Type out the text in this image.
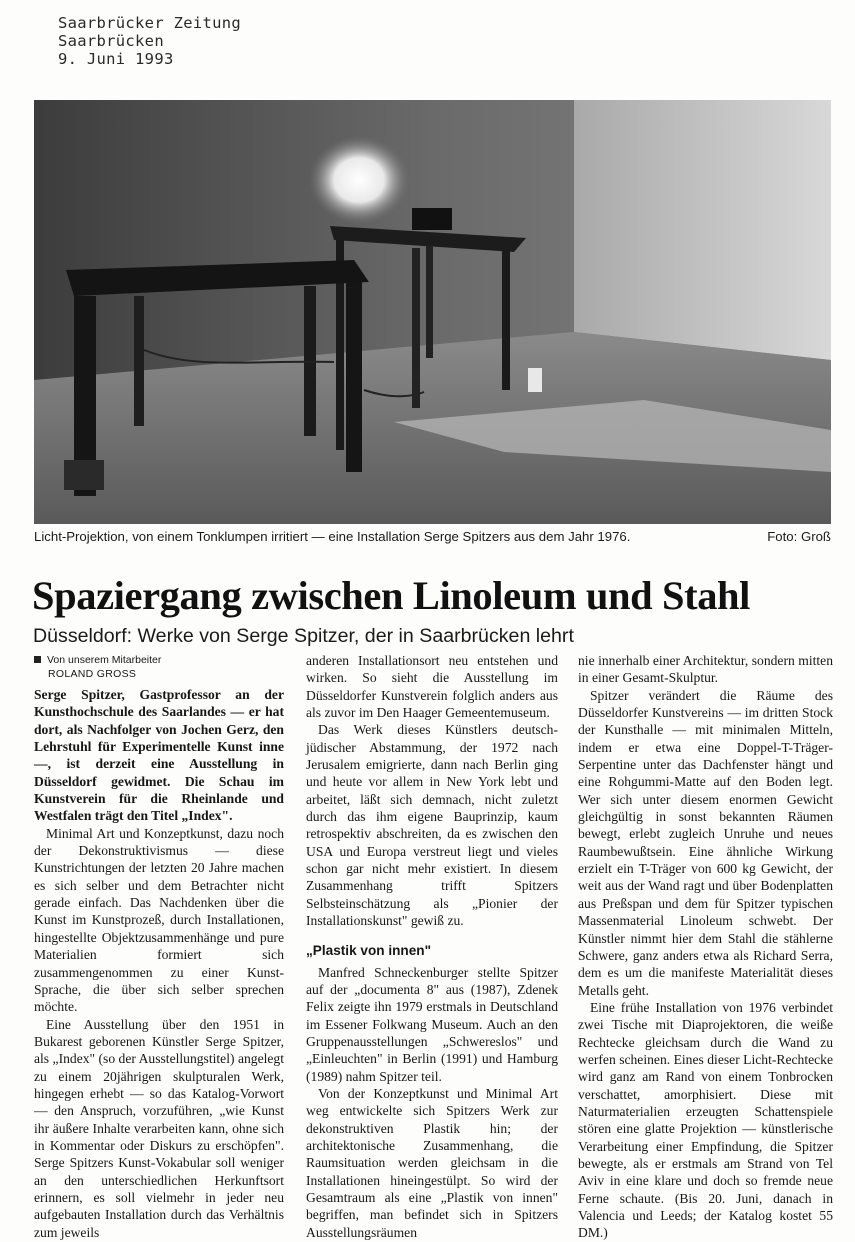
Saarbrücker Zeitung
Saarbrücken
9. Juni 1993
Licht-Projektion, von einem Tonklumpen irritiert — eine Installation Serge Spitzers aus dem Jahr 1976.	Foto: Groß
Spaziergang zwischen Linoleum und Stahl
Düsseldorf: Werke von Serge Spitzer, der in Saarbrücken lehrt
Von unserem Mitarbeiter
ROLAND GROSS

Serge Spitzer, Gastprofessor an der Kunsthochschule des Saarlandes — er hat dort, als Nachfolger von Jochen Gerz, den Lehrstuhl für Experimentelle Kunst inne —, ist derzeit eine Ausstellung in Düsseldorf gewidmet. Die Schau im Kunstverein für die Rheinlande und Westfalen trägt den Titel „Index".

Minimal Art und Konzeptkunst, dazu noch der Dekonstruktivismus — diese Kunstrichtungen der letzten 20 Jahre machen es sich selber und dem Betrachter nicht gerade einfach. Das Nachdenken über die Kunst im Kunstprozeß, durch Installationen, hingestellte Objektzusammenhänge und pure Materialien formiert sich zusammengenommen zu einer Kunst-Sprache, die über sich selber sprechen möchte.

Eine Ausstellung über den 1951 in Bukarest geborenen Künstler Serge Spitzer, als „Index" (so der Ausstellungstitel) angelegt zu einem 20jährigen skulpturalen Werk, hingegen erhebt — so das Katalog-Vorwort — den Anspruch, vorzuführen, „wie Kunst ihr äußere Inhalte verarbeiten kann, ohne sich in Kommentar oder Diskurs zu erschöpfen". Serge Spitzers Kunst-Vokabular soll weniger an den unterschiedlichen Herkunftsort erinnern, es soll vielmehr in jeder neu aufgebauten Installation durch das Verhältnis zum jeweils

anderen Installationsort neu entstehen und wirken. So sieht die Ausstellung im Düsseldorfer Kunstverein folglich anders aus als zuvor im Den Haager Gemeentemuseum.

Das Werk dieses Künstlers deutsch-jüdischer Abstammung, der 1972 nach Jerusalem emigrierte, dann nach Berlin ging und heute vor allem in New York lebt und arbeitet, läßt sich demnach, nicht zuletzt durch das ihm eigene Bauprinzip, kaum retrospektiv abschreiten, da es zwischen den USA und Europa verstreut liegt und vieles schon gar nicht mehr existiert. In diesem Zusammenhang trifft Spitzers Selbsteinschätzung als „Pionier der Installationskunst" gewiß zu.

„Plastik von innen"

Manfred Schneckenburger stellte Spitzer auf der „documenta 8" aus (1987), Zdenek Felix zeigte ihn 1979 erstmals in Deutschland im Essener Folkwang Museum. Auch an den Gruppenausstellungen „Schwereslos" und „Einleuchten" in Berlin (1991) und Hamburg (1989) nahm Spitzer teil.

Von der Konzeptkunst und Minimal Art weg entwickelte sich Spitzers Werk zur dekonstruktiven Plastik hin; der architektonische Zusammenhang, die Raumsituation werden gleichsam in die Installationen hineingestülpt. So wird der Gesamtraum als eine „Plastik von innen" begriffen, man befindet sich in Spitzers Ausstellungsräumen

nie innerhalb einer Architektur, sondern mitten in einer Gesamt-Skulptur.

Spitzer verändert die Räume des Düsseldorfer Kunstvereins — im dritten Stock der Kunsthalle — mit minimalen Mitteln, indem er etwa eine Doppel-T-Träger-Serpentine unter das Dachfenster hängt und eine Rohgummi-Matte auf den Boden legt. Wer sich unter diesem enormen Gewicht gleichgültig in sonst bekannten Räumen bewegt, erlebt zugleich Unruhe und neues Raumbewußtsein. Eine ähnliche Wirkung erzielt ein T-Träger von 600 kg Gewicht, der weit aus der Wand ragt und über Bodenplatten aus Preßspan und dem für Spitzer typischen Massenmaterial Linoleum schwebt. Der Künstler nimmt hier dem Stahl die stählerne Schwere, ganz anders etwa als Richard Serra, dem es um die manifeste Materialität dieses Metalls geht.

Eine frühe Installation von 1976 verbindet zwei Tische mit Diaprojektoren, die weiße Rechtecke gleichsam durch die Wand zu werfen scheinen. Eines dieser Licht-Rechtecke wird ganz am Rand von einem Tonbrocken verschattet, amorphisiert. Diese mit Naturmaterialien erzeugten Schattenspiele stören eine glatte Projektion — künstlerische Verarbeitung einer Empfindung, die Spitzer bewegte, als er erstmals am Strand von Tel Aviv in eine klare und doch so fremde neue Ferne schaute. (Bis 20. Juni, danach in Valencia und Leeds; der Katalog kostet 55 DM.)
